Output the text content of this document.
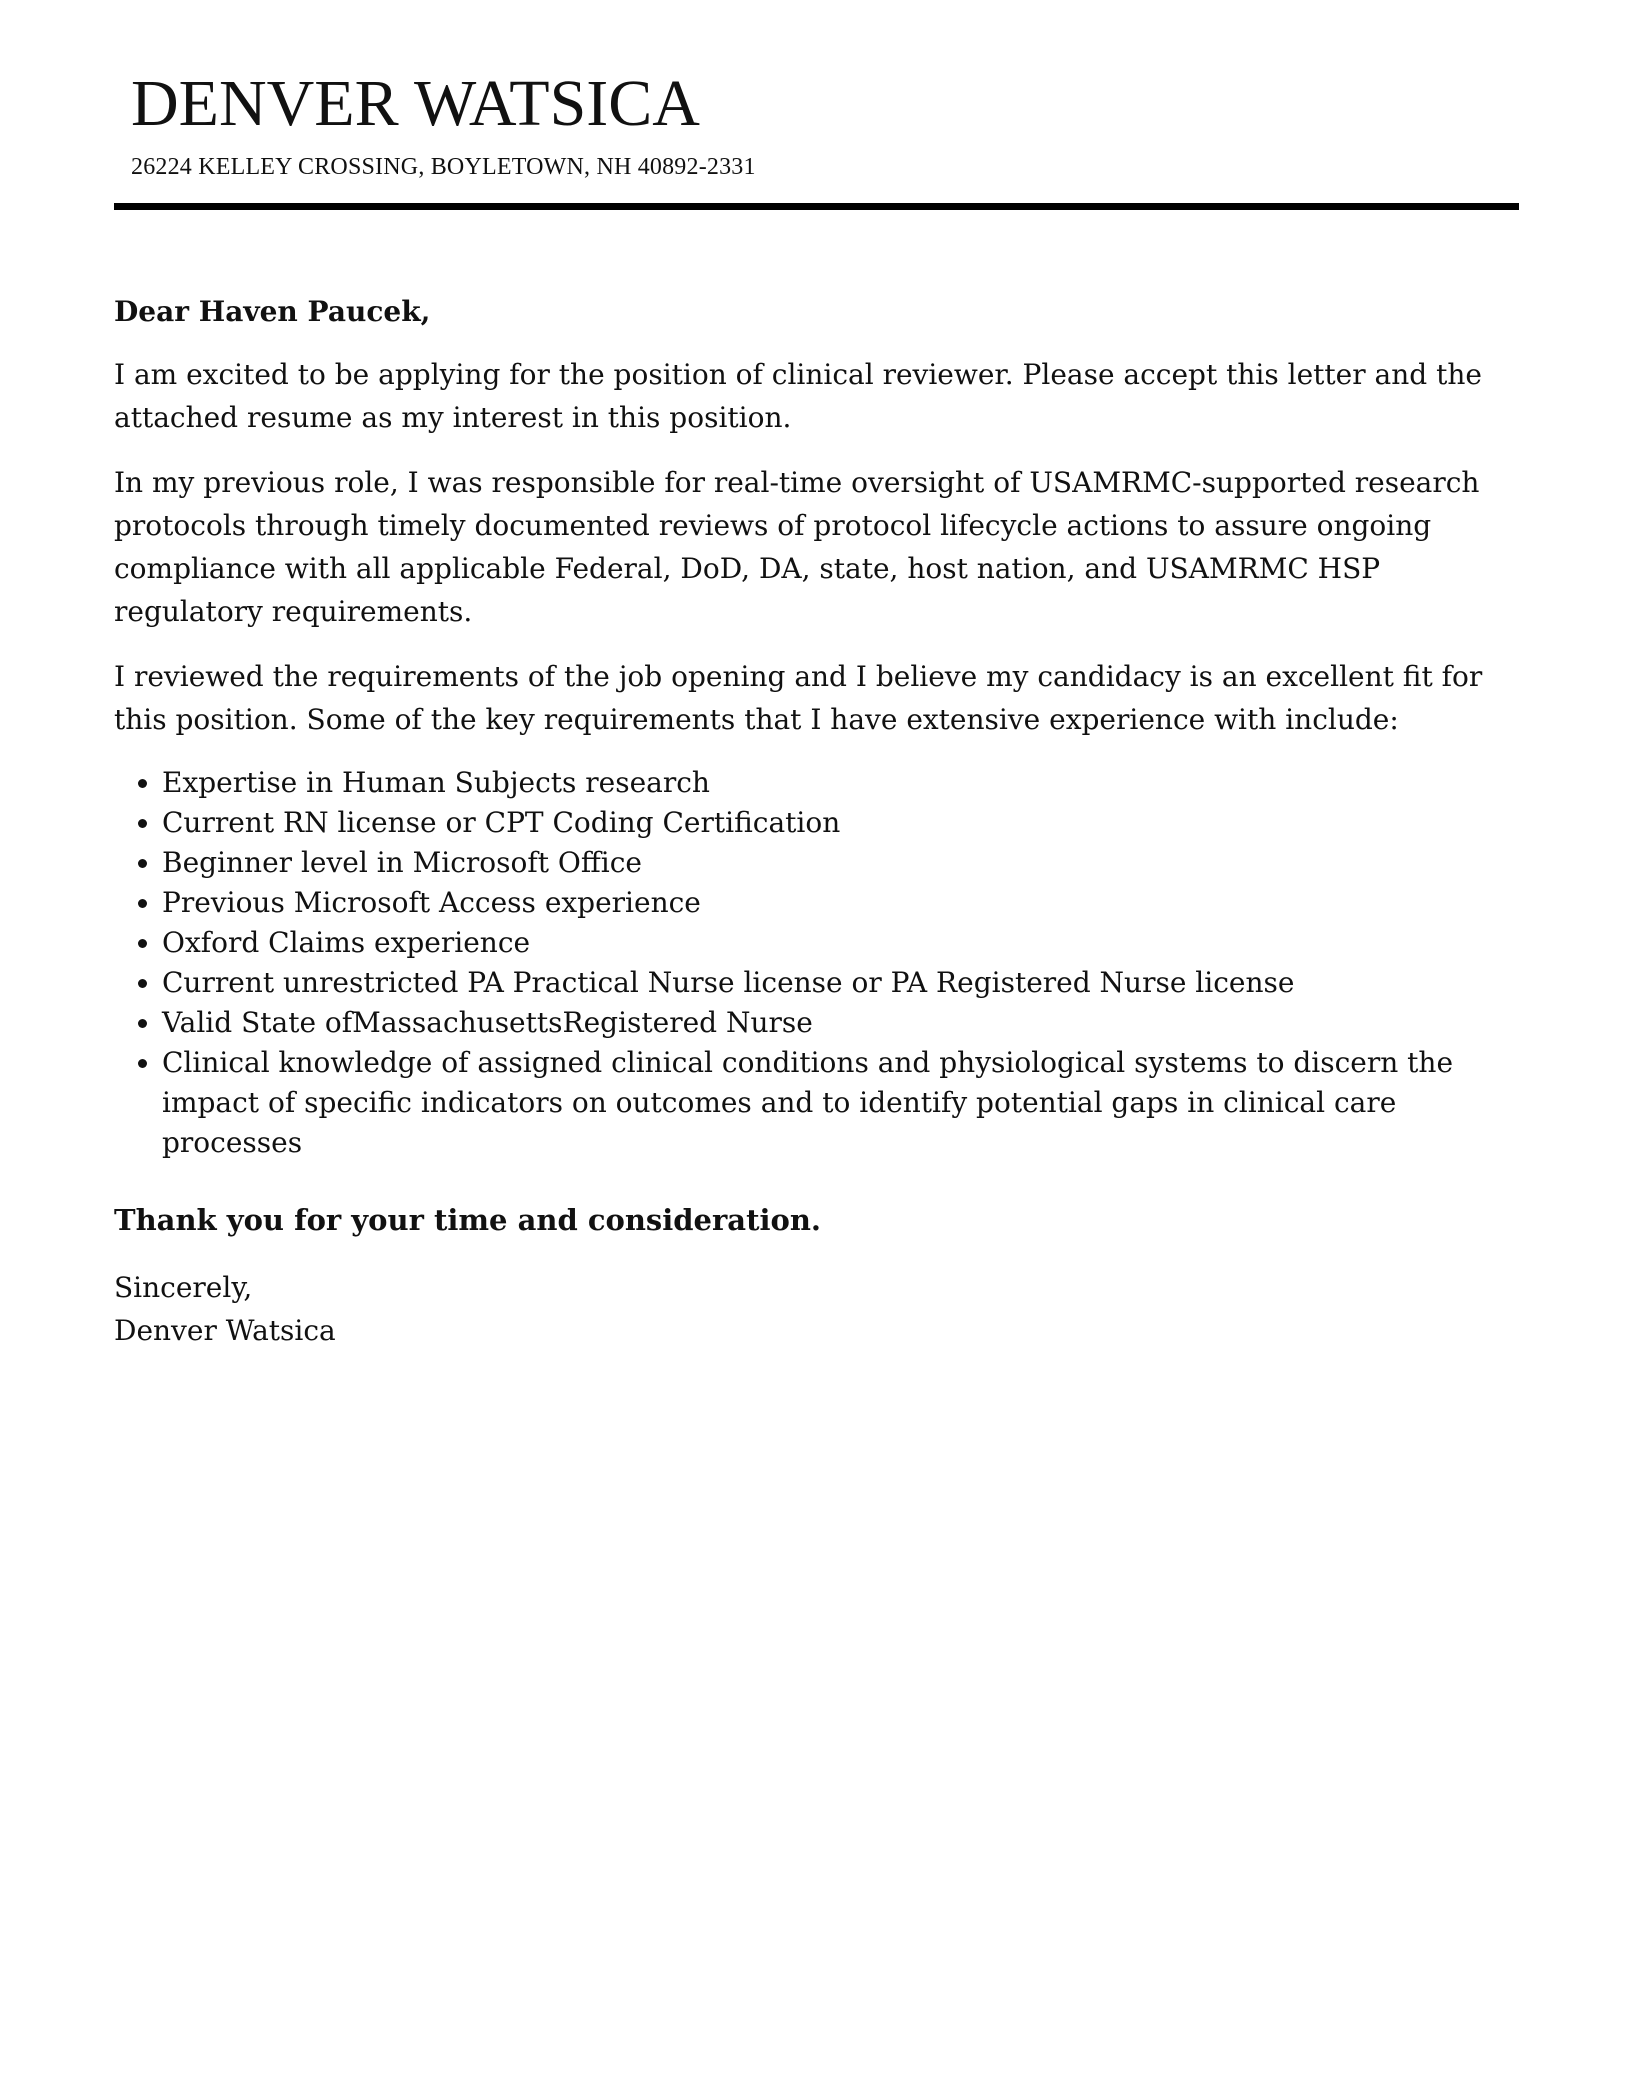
DENVER WATSICA
26224 KELLEY CROSSING, BOYLETOWN, NH 40892-2331
Dear Haven Paucek,

I am excited to be applying for the position of clinical reviewer. Please accept this letter and the attached resume as my interest in this position.

In my previous role, I was responsible for real-time oversight of USAMRMC-supported research protocols through timely documented reviews of protocol lifecycle actions to assure ongoing compliance with all applicable Federal, DoD, DA, state, host nation, and USAMRMC HSP regulatory requirements.

I reviewed the requirements of the job opening and I believe my candidacy is an excellent fit for this position. Some of the key requirements that I have extensive experience with include:

• Expertise in Human Subjects research
• Current RN license or CPT Coding Certification
• Beginner level in Microsoft Office
• Previous Microsoft Access experience
• Oxford Claims experience
• Current unrestricted PA Practical Nurse license or PA Registered Nurse license
• Valid State ofMassachusettsRegistered Nurse
• Clinical knowledge of assigned clinical conditions and physiological systems to discern the impact of specific indicators on outcomes and to identify potential gaps in clinical care processes
Thank you for your time and consideration.
Sincerely,
Denver Watsica
